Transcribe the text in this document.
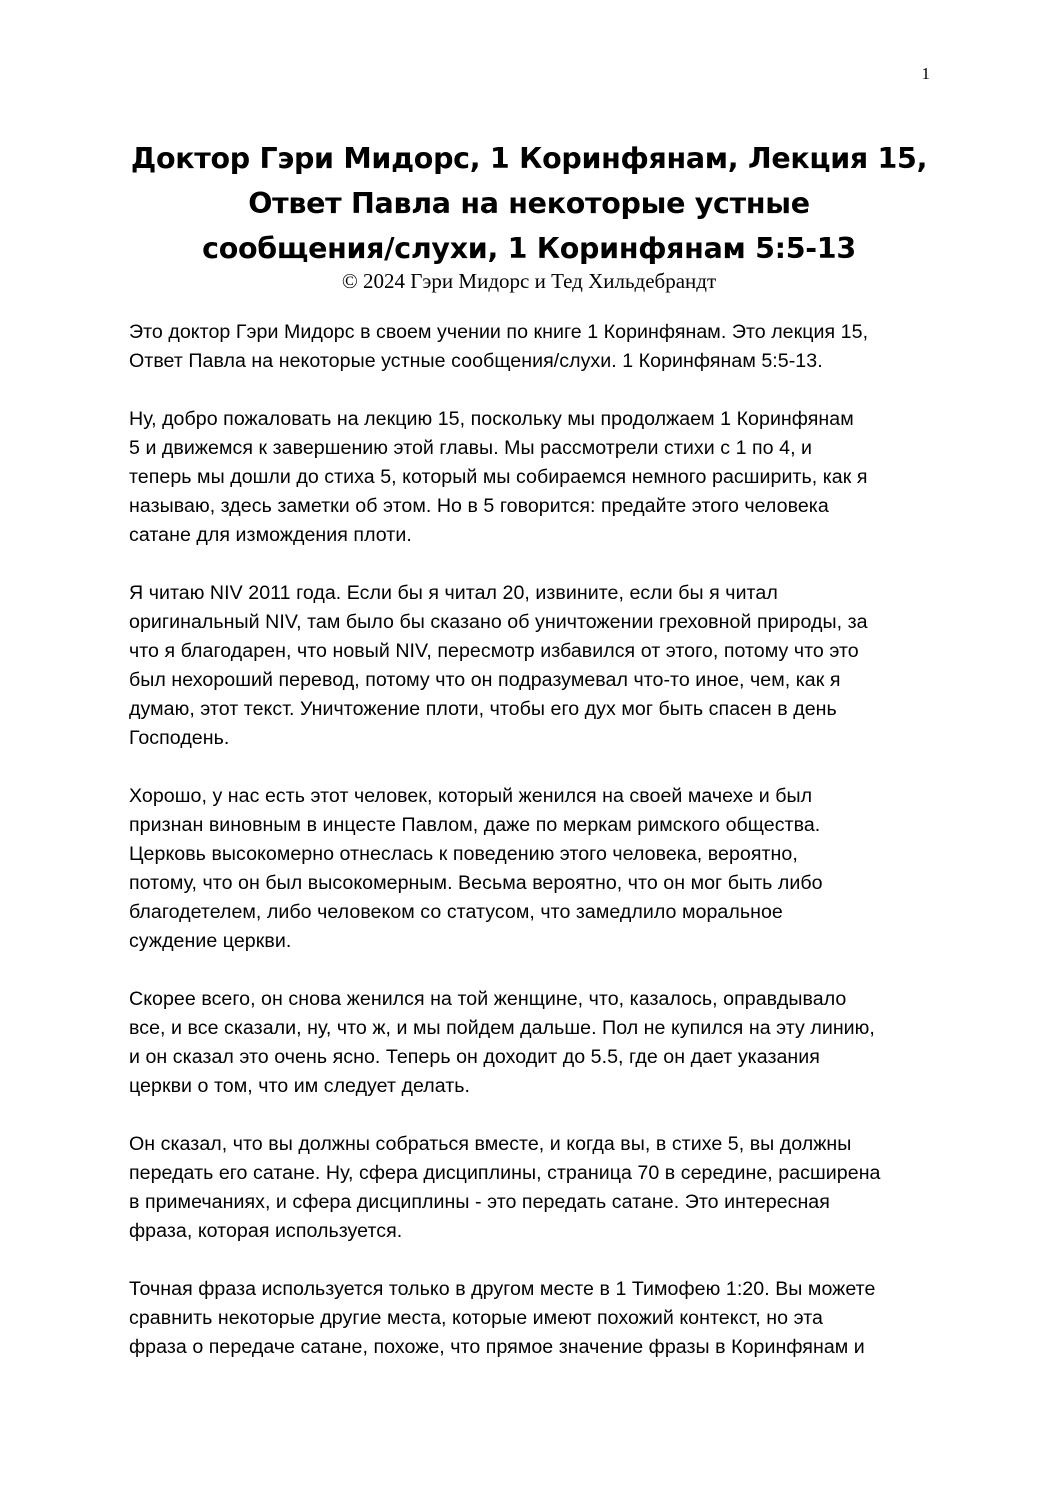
1
Доктор Гэри Мидорс, 1 Коринфянам, Лекция 15,
Ответ Павла на некоторые устные
сообщения/слухи, 1 Коринфянам 5:5-13
© 2024 Гэри Мидорс и Тед Хильдебрандт

Это доктор Гэри Мидорс в своем учении по книге 1 Коринфянам. Это лекция 15,
Ответ Павла на некоторые устные сообщения/слухи. 1 Коринфянам 5:5-13.

Ну, добро пожаловать на лекцию 15, поскольку мы продолжаем 1 Коринфянам
5 и движемся к завершению этой главы. Мы рассмотрели стихи с 1 по 4, и
теперь мы дошли до стиха 5, который мы собираемся немного расширить, как я
называю, здесь заметки об этом. Но в 5 говорится: предайте этого человека
сатане для измождения плоти.

Я читаю NIV 2011 года. Если бы я читал 20, извините, если бы я читал
оригинальный NIV, там было бы сказано об уничтожении греховной природы, за
что я благодарен, что новый NIV, пересмотр избавился от этого, потому что это
был нехороший перевод, потому что он подразумевал что-то иное, чем, как я
думаю, этот текст. Уничтожение плоти, чтобы его дух мог быть спасен в день
Господень.

Хорошо, у нас есть этот человек, который женился на своей мачехе и был
признан виновным в инцесте Павлом, даже по меркам римского общества.
Церковь высокомерно отнеслась к поведению этого человека, вероятно,
потому, что он был высокомерным. Весьма вероятно, что он мог быть либо
благодетелем, либо человеком со статусом, что замедлило моральное
суждение церкви.

Скорее всего, он снова женился на той женщине, что, казалось, оправдывало
все, и все сказали, ну, что ж, и мы пойдем дальше. Пол не купился на эту линию,
и он сказал это очень ясно. Теперь он доходит до 5.5, где он дает указания
церкви о том, что им следует делать.

Он сказал, что вы должны собраться вместе, и когда вы, в стихе 5, вы должны
передать его сатане. Ну, сфера дисциплины, страница 70 в середине, расширена
в примечаниях, и сфера дисциплины - это передать сатане. Это интересная
фраза, которая используется.

Точная фраза используется только в другом месте в 1 Тимофею 1:20. Вы можете
сравнить некоторые другие места, которые имеют похожий контекст, но эта
фраза о передаче сатане, похоже, что прямое значение фразы в Коринфянам и
